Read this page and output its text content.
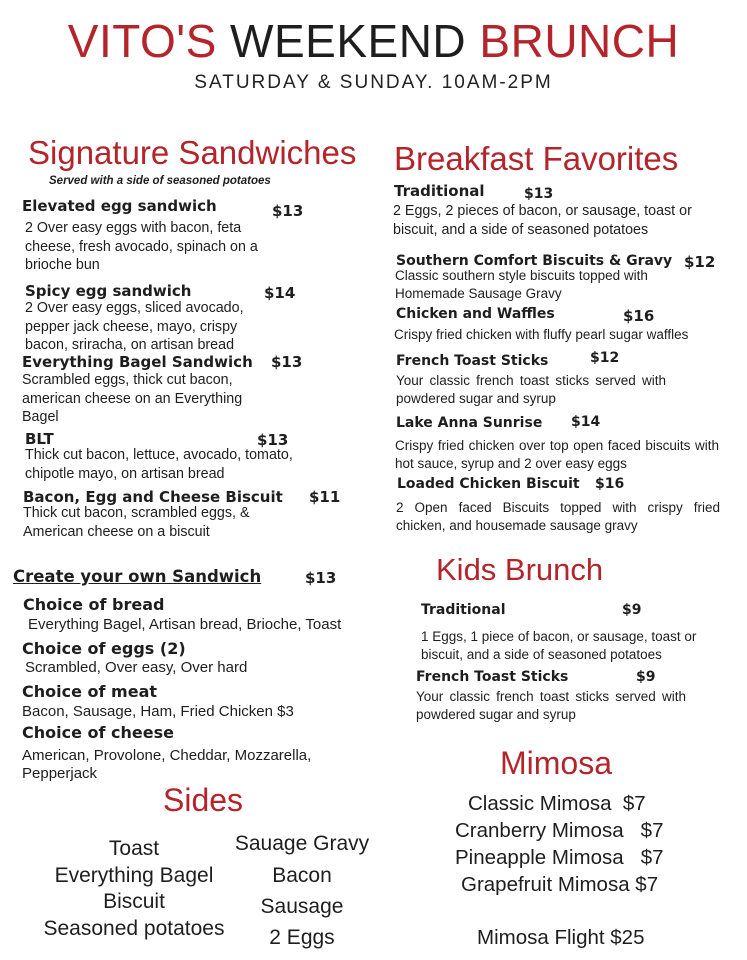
VITO'S WEEKEND BRUNCH
SATURDAY & SUNDAY. 10AM-2PM
Signature Sandwiches
Served with a side of seasoned potatoes
Elevated egg sandwich	$13
2 Over easy eggs with bacon, feta cheese, fresh avocado, spinach on a brioche bun
Spicy egg sandwich	$14
2 Over easy eggs, sliced avocado, pepper jack cheese, mayo, crispy bacon, sriracha, on artisan bread
Everything Bagel Sandwich $13
Scrambled eggs, thick cut bacon, american cheese on an Everything Bagel
BLT	$13
Thick cut bacon, lettuce, avocado, tomato, chipotle mayo, on artisan bread
Bacon, Egg and Cheese Biscuit $11
Thick cut bacon, scrambled eggs, & American cheese on a biscuit
Create your own Sandwich	$13
Choice of bread
Everything Bagel, Artisan bread, Brioche, Toast
Choice of eggs (2)
Scrambled, Over easy, Over hard
Choice of meat
Bacon, Sausage, Ham, Fried Chicken $3
Choice of cheese
American, Provolone, Cheddar, Mozzarella, Pepperjack
Sides
Toast
Everything Bagel
Biscuit
Seasoned potatoes
Sauage Gravy
Bacon
Sausage
2 Eggs
Breakfast Favorites
Traditional	$13
2 Eggs, 2 pieces of bacon, or sausage, toast or biscuit, and a side of seasoned potatoes
Southern Comfort Biscuits & Gravy $12
Classic southern style biscuits topped with Homemade Sausage Gravy
Chicken and Waffles	$16
Crispy fried chicken with fluffy pearl sugar waffles
French Toast Sticks	$12
Your classic french toast sticks served with powdered sugar and syrup
Lake Anna Sunrise $14
Crispy fried chicken over top open faced biscuits with hot sauce, syrup and 2 over easy eggs
Loaded Chicken Biscuit $16
2 Open faced Biscuits topped with crispy fried chicken, and housemade sausage gravy
Kids Brunch
Traditional	$9
1 Eggs, 1 piece of bacon, or sausage, toast or biscuit, and a side of seasoned potatoes
French Toast Sticks	$9
Your classic french toast sticks served with powdered sugar and syrup
Mimosa
Classic Mimosa  $7
Cranberry Mimosa   $7
Pineapple Mimosa   $7
Grapefruit Mimosa $7
Mimosa Flight $25
